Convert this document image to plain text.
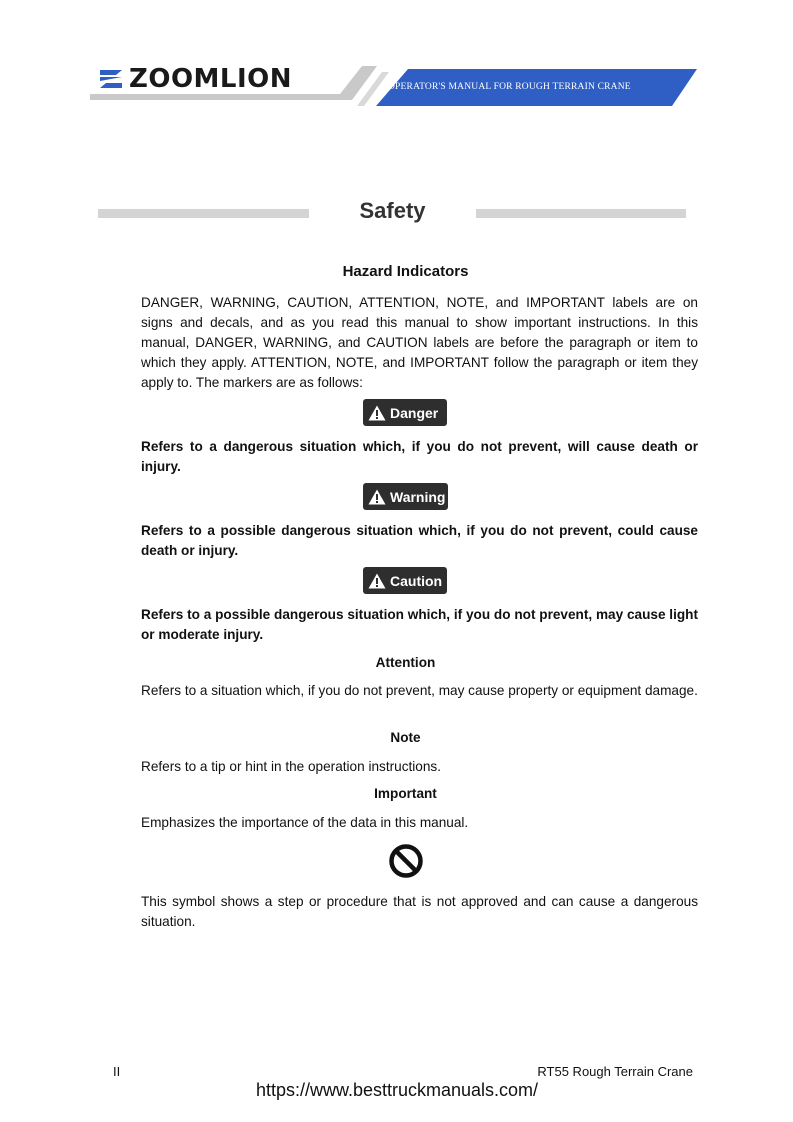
OPERATOR'S MANUAL FOR ROUGH TERRAIN CRANE
ZOOMLION
Safety
Hazard Indicators
DANGER, WARNING, CAUTION, ATTENTION, NOTE, and IMPORTANT labels are on signs and decals, and as you read this manual to show important instructions. In this manual, DANGER, WARNING, and CAUTION labels are before the paragraph or item to which they apply. ATTENTION, NOTE, and IMPORTANT follow the paragraph or item they apply to. The markers are as follows:
Danger
Refers to a dangerous situation which, if you do not prevent, will cause death or injury.
Warning
Refers to a possible dangerous situation which, if you do not prevent, could cause death or injury.
Caution
Refers to a possible dangerous situation which, if you do not prevent, may cause light or moderate injury.
Attention
Refers to a situation which, if you do not prevent, may cause property or equipment damage.
Note
Refers to a tip or hint in the operation instructions.
Important
Emphasizes the importance of the data in this manual.
This symbol shows a step or procedure that is not approved and can cause a dangerous situation.
II	RT55 Rough Terrain Crane
https://www.besttruckmanuals.com/
